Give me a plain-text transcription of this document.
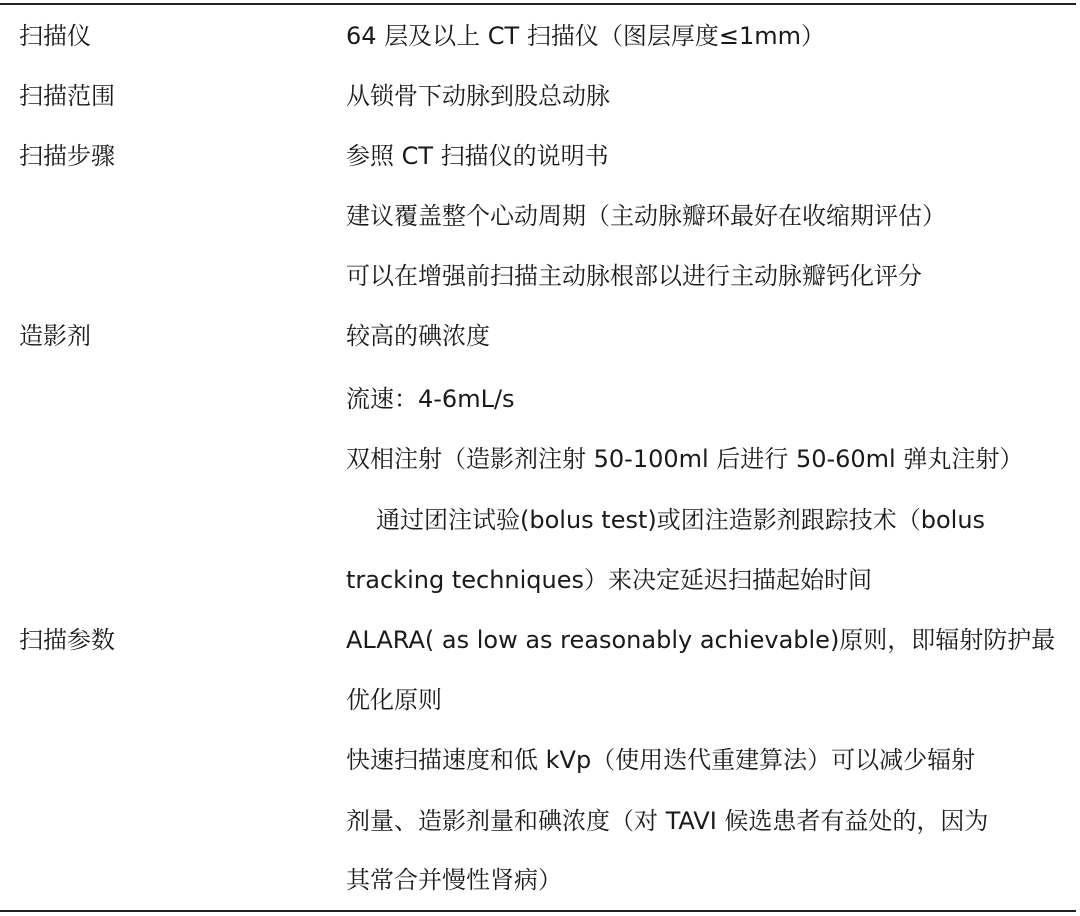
扫描仪	64 层及以上 CT 扫描仪（图层厚度≤1mm）
扫描范围	从锁骨下动脉到股总动脉
扫描步骤	参照 CT 扫描仪的说明书
建议覆盖整个心动周期（主动脉瓣环最好在收缩期评估）
可以在增强前扫描主动脉根部以进行主动脉瓣钙化评分
造影剂	较高的碘浓度
流速：4-6mL/s
双相注射（造影剂注射 50-100ml 后进行 50-60ml 弹丸注射）
通过团注试验(bolus test)或团注造影剂跟踪技术（bolus
tracking techniques）来决定延迟扫描起始时间
扫描参数	ALARA( as low as reasonably achievable)原则，即辐射防护最
优化原则
快速扫描速度和低 kVp（使用迭代重建算法）可以减少辐射
剂量、造影剂量和碘浓度（对 TAVI 候选患者有益处的，因为
其常合并慢性肾病）
